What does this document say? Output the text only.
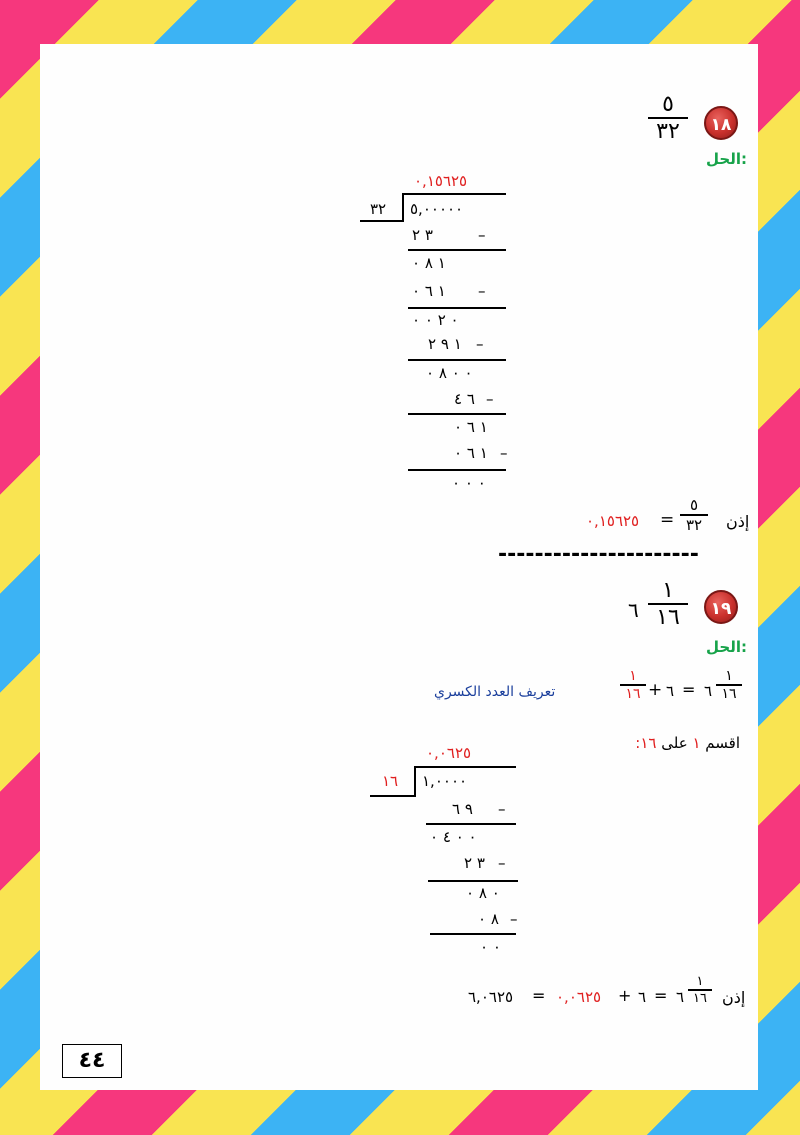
١٨
٥
٣٢
الحل:
٠,١٥٦٢٥
٣٢ ٥,٠٠٠٠٠
٣ ٢	–
١ ٨ ٠
١ ٦ ٠ –
٠ ٢ ٠ ٠
١ ٩ ٢ –
٠ ٠ ٨ ٠
٦ ٤ –
١ ٦ ٠
١ ٦ ٠ –
٠ ٠ ٠
إذن
٥
٣٢
=
٠,١٥٦٢٥
----------------------
١٩
٦
١
١٦
الحل:
١
١٦
٦
=
٦
+
١
١٦
تعريف العدد الكسري
اقسم ١ على ١٦:
٠,٠٦٢٥
١٦ ١,٠٠٠٠
٩ ٦ –
٠ ٠ ٤ ٠
٣ ٢ –
٠ ٨ ٠
٨ ٠ –
٠ ٠
إذن
١
١٦
٦
=
٦
+
٠,٠٦٢٥
=
٦,٠٦٢٥
٤٤
